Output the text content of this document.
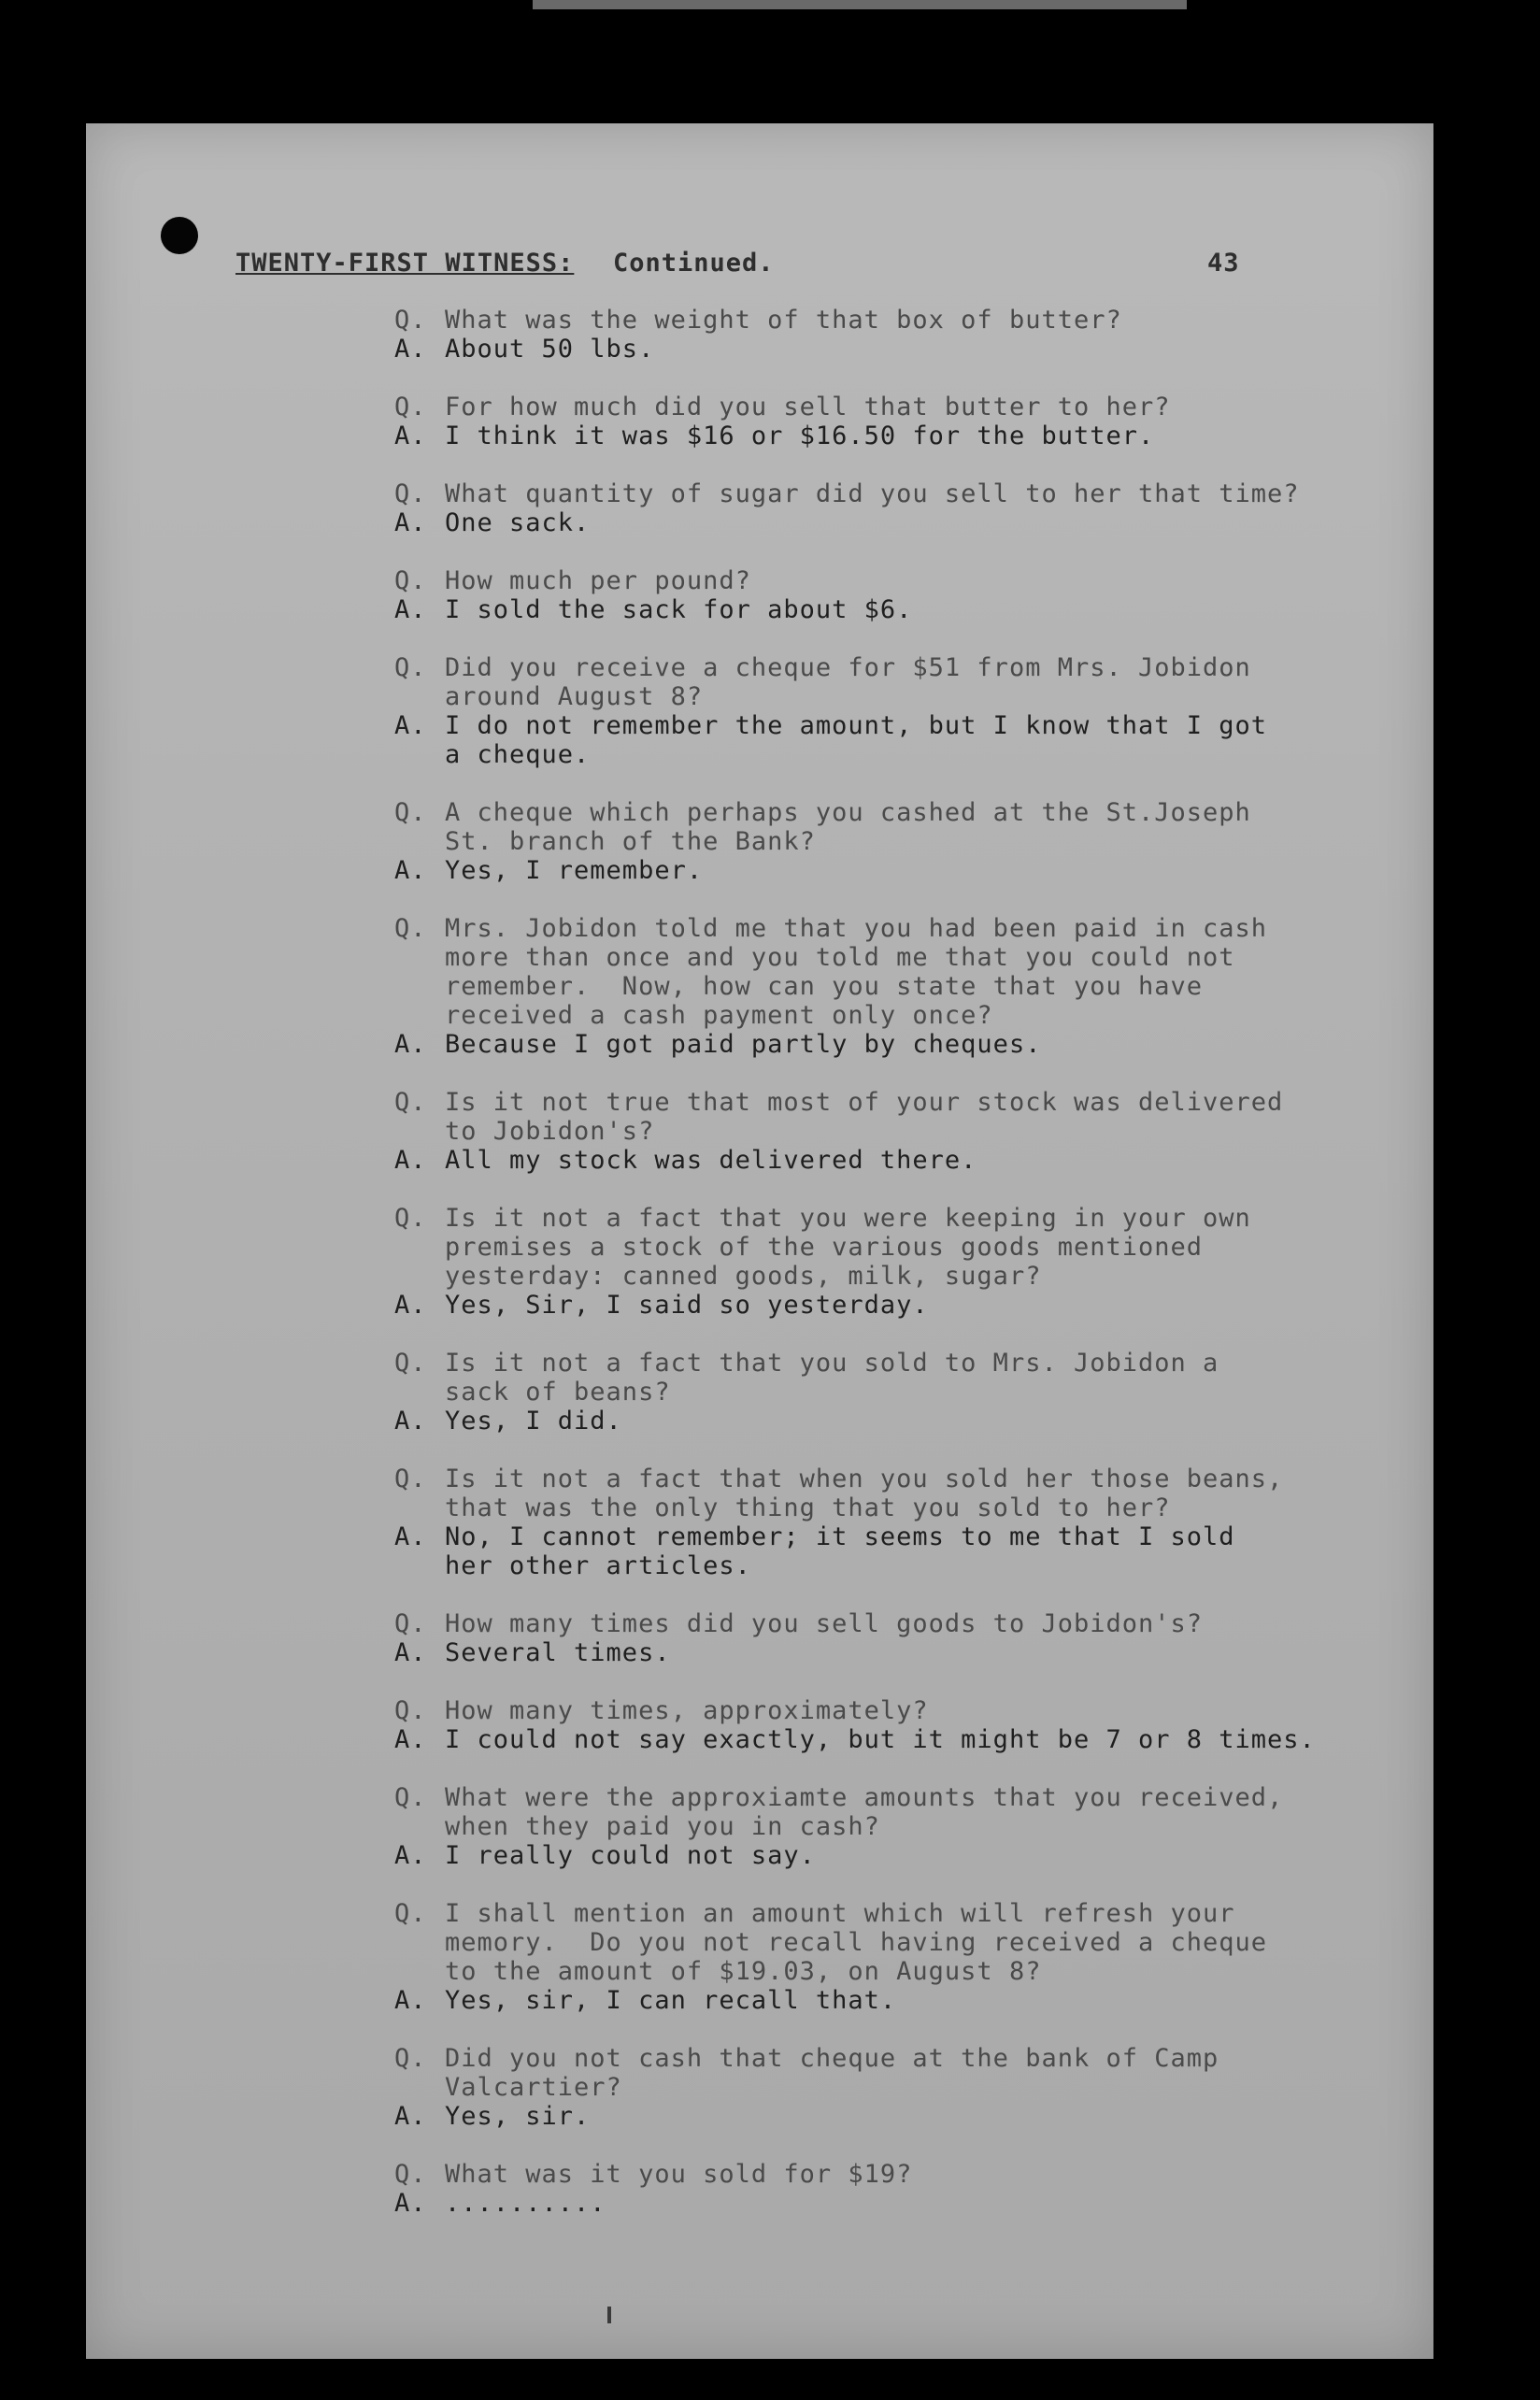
TWENTY-FIRST WITNESS:

Continued.

	43

Q. What was the weight of that box of butter?
A. About 50 lbs.
Q. For how much did you sell that butter to her?
A. I think it was $16 or $16.50 for the butter.
Q. What quantity of sugar did you sell to her that time?
A. One sack.
Q. How much per pound?
A. I sold the sack for about $6.
Q. Did you receive a cheque for $51 from Mrs. Jobidon
around August 8?
A. I do not remember the amount, but I know that I got
a cheque.
Q. A cheque which perhaps you cashed at the St.Joseph
St. branch of the Bank?
A. Yes, I remember.
Q. Mrs. Jobidon told me that you had been paid in cash
more than once and you told me that you could not
remember.  Now, how can you state that you have
received a cash payment only once?
A. Because I got paid partly by cheques.
Q. Is it not true that most of your stock was delivered
to Jobidon's?
A. All my stock was delivered there.
Q. Is it not a fact that you were keeping in your own
premises a stock of the various goods mentioned
yesterday: canned goods, milk, sugar?
A. Yes, Sir, I said so yesterday.
Q. Is it not a fact that you sold to Mrs. Jobidon a
sack of beans?
A. Yes, I did.
Q. Is it not a fact that when you sold her those beans,
that was the only thing that you sold to her?
A. No, I cannot remember; it seems to me that I sold
her other articles.
Q. How many times did you sell goods to Jobidon's?
A. Several times.
Q. How many times, approximately?
A. I could not say exactly, but it might be 7 or 8 times.
Q. What were the approxiamte amounts that you received,
when they paid you in cash?
A. I really could not say.
Q. I shall mention an amount which will refresh your
memory.  Do you not recall having received a cheque
to the amount of $19.03, on August 8?
A. Yes, sir, I can recall that.
Q. Did you not cash that cheque at the bank of Camp
Valcartier?
A. Yes, sir.
Q. What was it you sold for $19?
A. ..........
